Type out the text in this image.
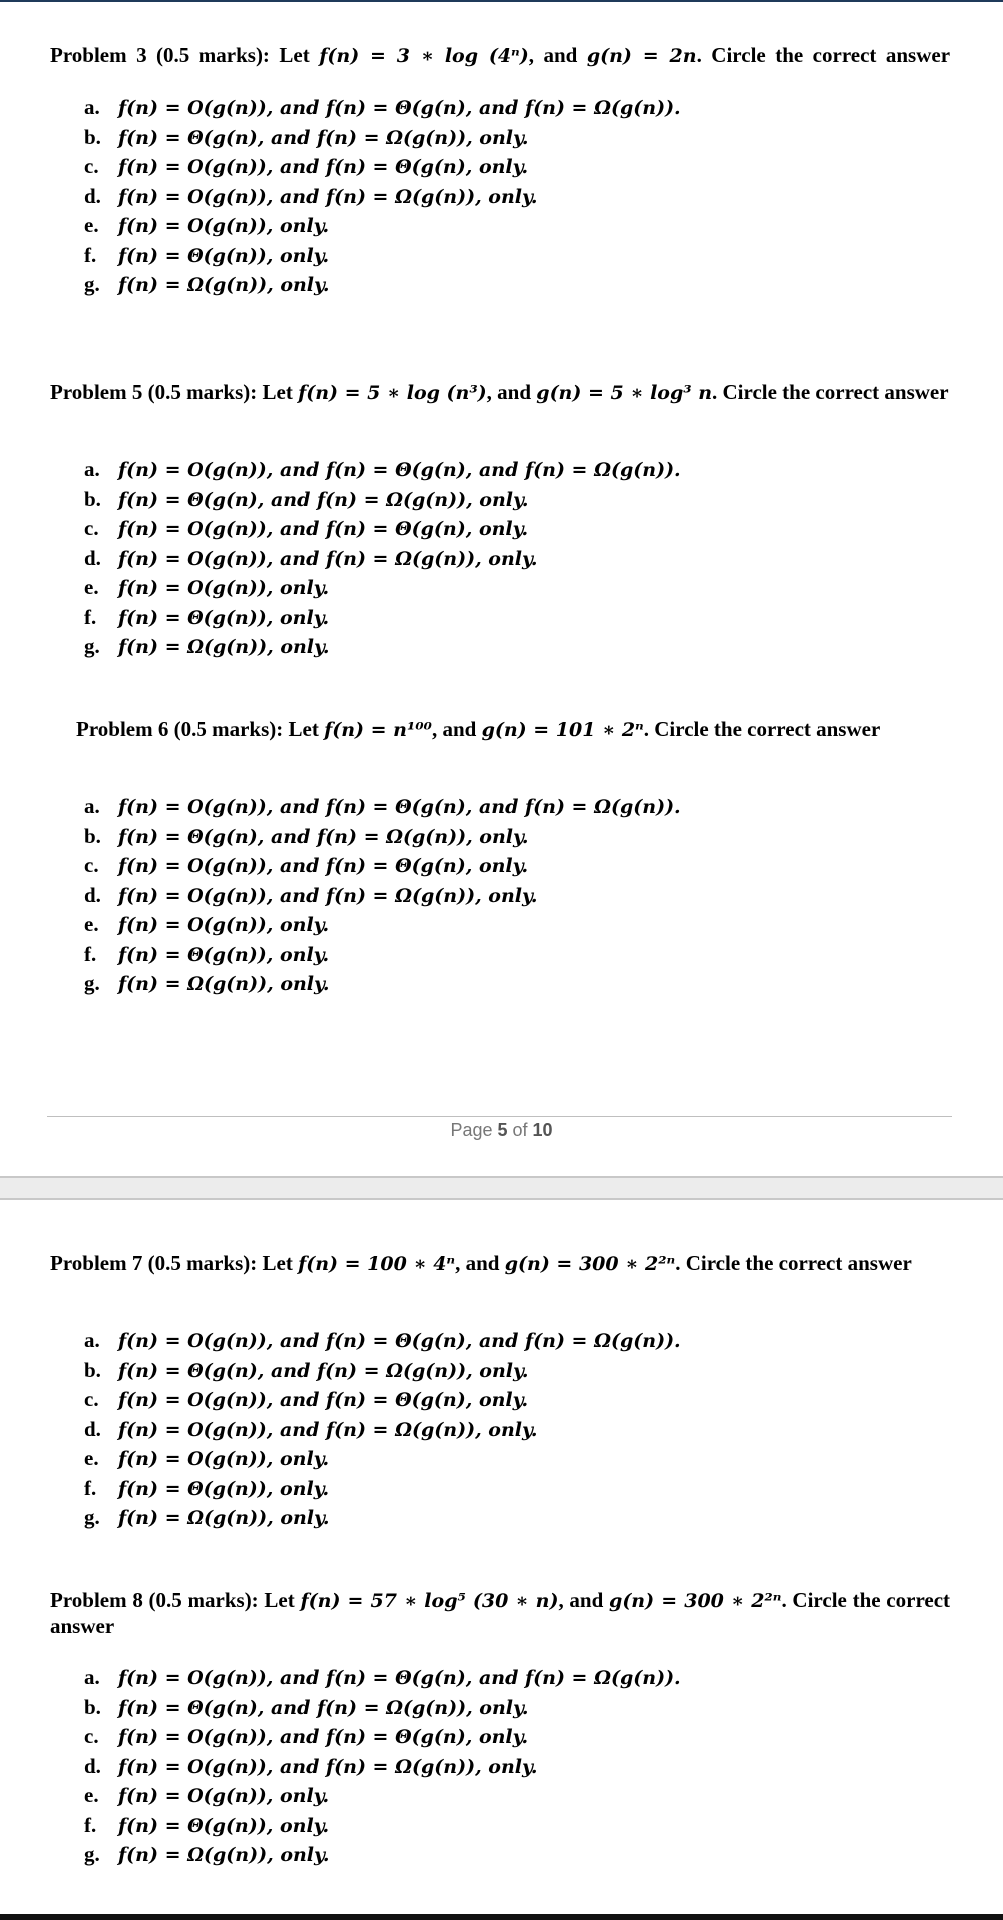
Problem 3 (0.5 marks): Let f(n) = 3 ∗ log (4ⁿ), and g(n) = 2n. Circle the correct answer
a. f(n) = O(g(n)), and f(n) = Θ(g(n), and f(n) = Ω(g(n)).
b. f(n) = Θ(g(n), and f(n) = Ω(g(n)), only.
c. f(n) = O(g(n)), and f(n) = Θ(g(n), only.
d. f(n) = O(g(n)), and f(n) = Ω(g(n)), only.
e. f(n) = O(g(n)), only.
f. f(n) = Θ(g(n)), only.
g. f(n) = Ω(g(n)), only.
Problem 5 (0.5 marks): Let f(n) = 5 ∗ log (n³), and g(n) = 5 ∗ log³ n. Circle the correct answer
a. f(n) = O(g(n)), and f(n) = Θ(g(n), and f(n) = Ω(g(n)).
b. f(n) = Θ(g(n), and f(n) = Ω(g(n)), only.
c. f(n) = O(g(n)), and f(n) = Θ(g(n), only.
d. f(n) = O(g(n)), and f(n) = Ω(g(n)), only.
e. f(n) = O(g(n)), only.
f. f(n) = Θ(g(n)), only.
g. f(n) = Ω(g(n)), only.
Problem 6 (0.5 marks): Let f(n) = n¹⁰⁰, and g(n) = 101 ∗ 2ⁿ. Circle the correct answer
a. f(n) = O(g(n)), and f(n) = Θ(g(n), and f(n) = Ω(g(n)).
b. f(n) = Θ(g(n), and f(n) = Ω(g(n)), only.
c. f(n) = O(g(n)), and f(n) = Θ(g(n), only.
d. f(n) = O(g(n)), and f(n) = Ω(g(n)), only.
e. f(n) = O(g(n)), only.
f. f(n) = Θ(g(n)), only.
g. f(n) = Ω(g(n)), only.
Page 5 of 10
Problem 7 (0.5 marks): Let f(n) = 100 ∗ 4ⁿ, and g(n) = 300 ∗ 2²ⁿ. Circle the correct answer
a. f(n) = O(g(n)), and f(n) = Θ(g(n), and f(n) = Ω(g(n)).
b. f(n) = Θ(g(n), and f(n) = Ω(g(n)), only.
c. f(n) = O(g(n)), and f(n) = Θ(g(n), only.
d. f(n) = O(g(n)), and f(n) = Ω(g(n)), only.
e. f(n) = O(g(n)), only.
f. f(n) = Θ(g(n)), only.
g. f(n) = Ω(g(n)), only.
Problem 8 (0.5 marks): Let f(n) = 57 ∗ log⁵ (30 ∗ n), and g(n) = 300 ∗ 2²ⁿ. Circle the correct answer
a. f(n) = O(g(n)), and f(n) = Θ(g(n), and f(n) = Ω(g(n)).
b. f(n) = Θ(g(n), and f(n) = Ω(g(n)), only.
c. f(n) = O(g(n)), and f(n) = Θ(g(n), only.
d. f(n) = O(g(n)), and f(n) = Ω(g(n)), only.
e. f(n) = O(g(n)), only.
f. f(n) = Θ(g(n)), only.
g. f(n) = Ω(g(n)), only.
